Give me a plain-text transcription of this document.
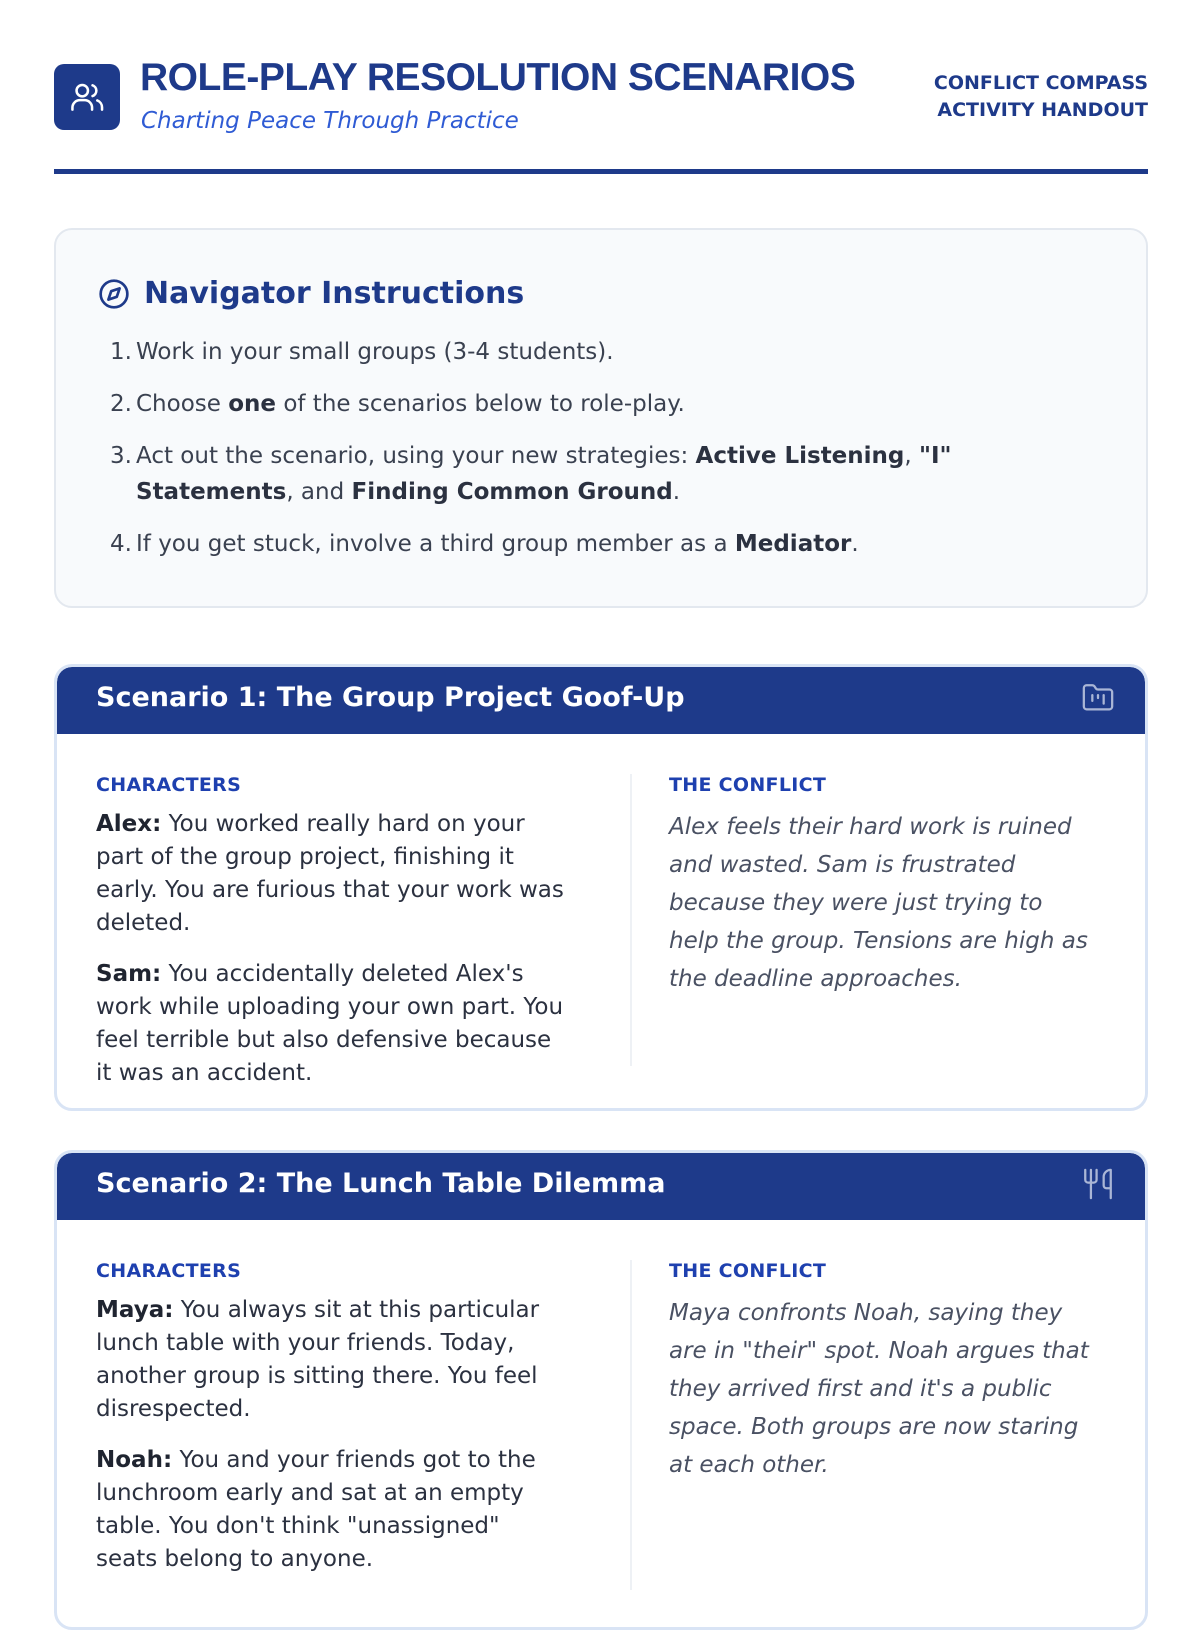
ROLE-PLAY RESOLUTION SCENARIOS

Charting Peace Through Practice

CONFLICT COMPASS
ACTIVITY HANDOUT
Navigator Instructions
1. Work in your small groups (3-4 students).
2. Choose one of the scenarios below to role-play.
3. Act out the scenario, using your new strategies: Active Listening, "I" Statements, and Finding Common Ground.
4. If you get stuck, involve a third group member as a Mediator.
Scenario 1: The Group Project Goof-Up

CHARACTERS

Alex: You worked really hard on your part of the group project, finishing it early. You are furious that your work was deleted.

Sam: You accidentally deleted Alex's work while uploading your own part. You feel terrible but also defensive because it was an accident.

THE CONFLICT

Alex feels their hard work is ruined and wasted. Sam is frustrated because they were just trying to help the group. Tensions are high as the deadline approaches.

Scenario 2: The Lunch Table Dilemma

CHARACTERS

Maya: You always sit at this particular lunch table with your friends. Today, another group is sitting there. You feel disrespected.

Noah: You and your friends got to the lunchroom early and sat at an empty table. You don't think "unassigned" seats belong to anyone.

THE CONFLICT

Maya confronts Noah, saying they are in "their" spot. Noah argues that they arrived first and it's a public space. Both groups are now staring at each other.
